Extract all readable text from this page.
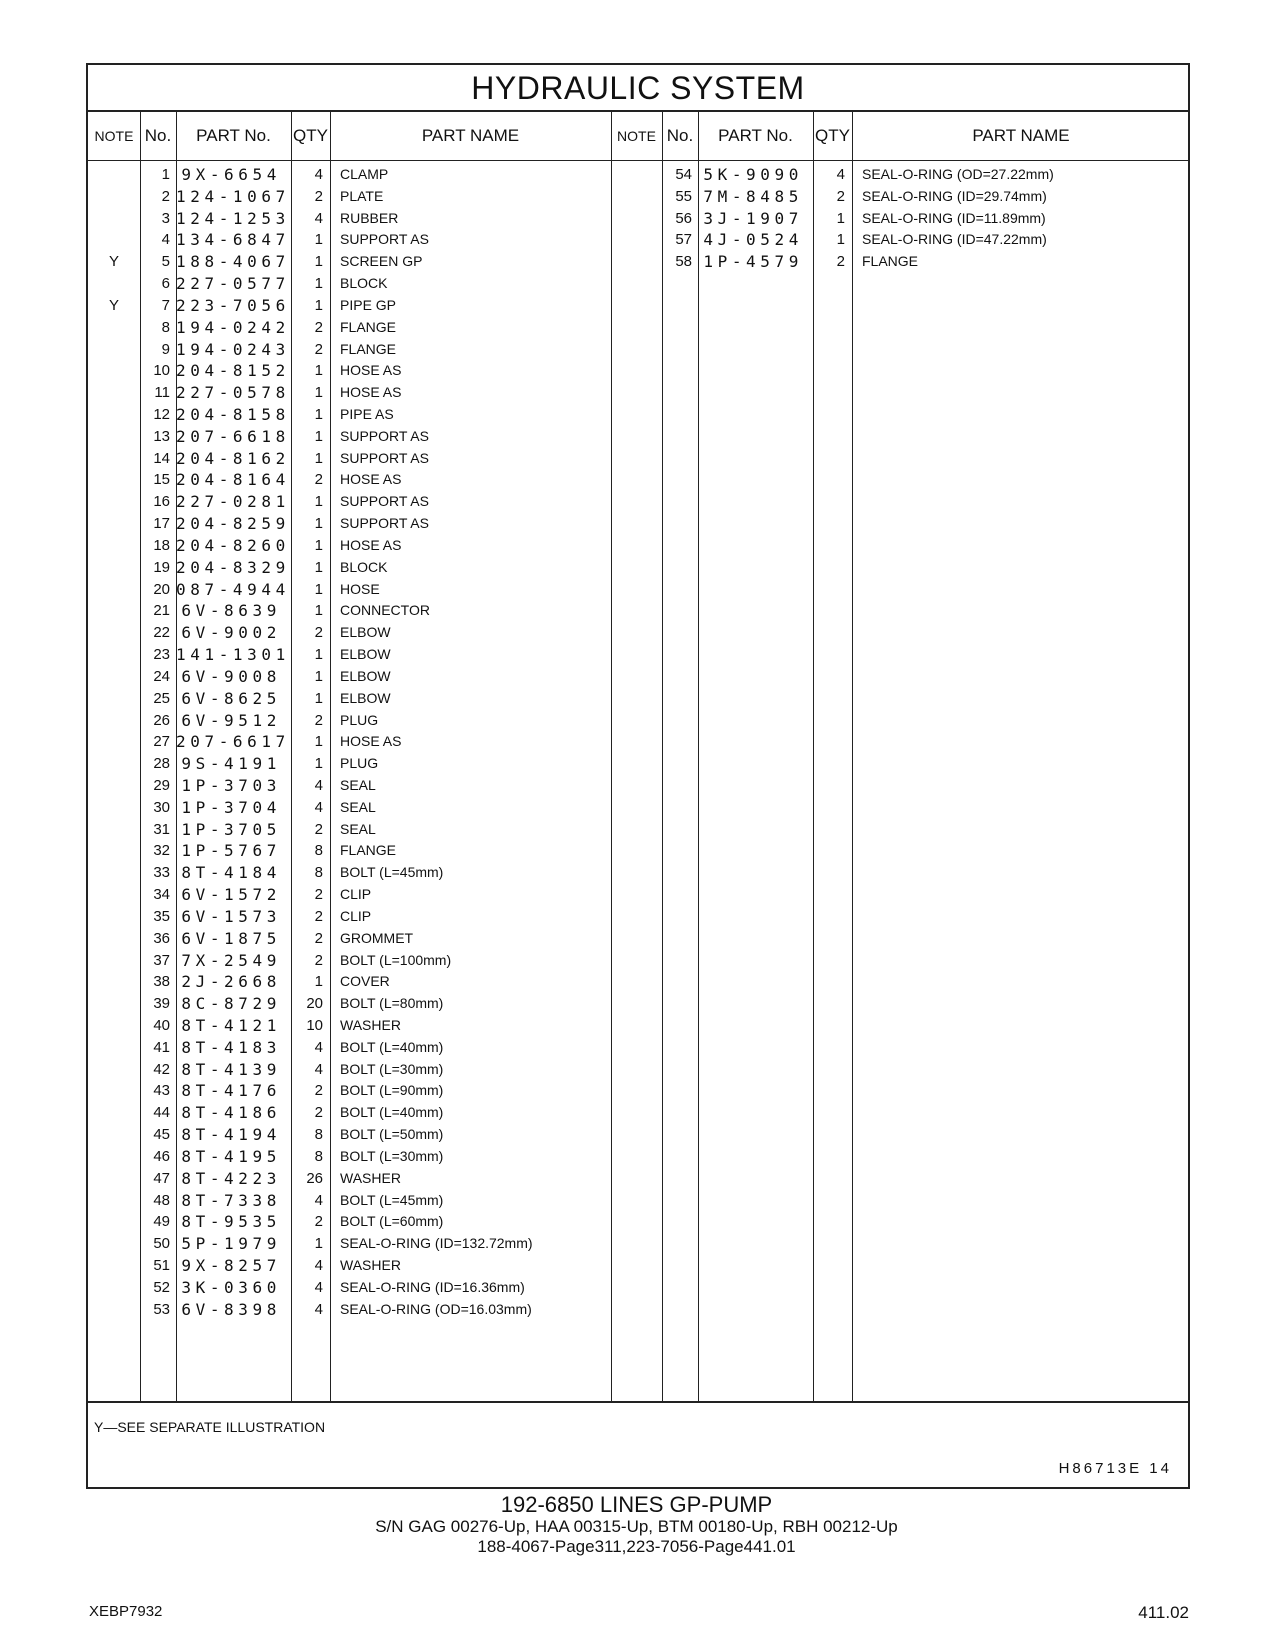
HYDRAULIC SYSTEM
NOTE No.	PART No.	QTY	PART NAME	NOTE No.	PART No.	QTY	PART NAME
1 9X-6654	4 CLAMP
2 124-1067	2 PLATE
3 124-1253	4 RUBBER
4 134-6847	1 SUPPORT AS
Y	5 188-4067	1 SCREEN GP
6 227-0577	1 BLOCK
Y	7 223-7056	1 PIPE GP
8 194-0242	2 FLANGE
9 194-0243	2 FLANGE
10 204-8152	1 HOSE AS
11 227-0578	1 HOSE AS
12 204-8158	1 PIPE AS
13 207-6618	1 SUPPORT AS
14 204-8162	1 SUPPORT AS
15 204-8164	2 HOSE AS
16 227-0281	1 SUPPORT AS
17 204-8259	1 SUPPORT AS
18 204-8260	1 HOSE AS
19 204-8329	1 BLOCK
20 087-4944	1 HOSE
21 6V-8639	1 CONNECTOR
22 6V-9002	2 ELBOW
23 141-1301	1 ELBOW
24 6V-9008	1 ELBOW
25 6V-8625	1 ELBOW
26 6V-9512	2 PLUG
27 207-6617	1 HOSE AS
28 9S-4191	1 PLUG
29 1P-3703	4 SEAL
30 1P-3704	4 SEAL
31 1P-3705	2 SEAL
32 1P-5767	8 FLANGE
33 8T-4184	8 BOLT (L=45mm)
34 6V-1572	2 CLIP
35 6V-1573	2 CLIP
36 6V-1875	2 GROMMET
37 7X-2549	2 BOLT (L=100mm)
38 2J-2668	1 COVER
39 8C-8729	20 BOLT (L=80mm)
40 8T-4121	10 WASHER
41 8T-4183	4 BOLT (L=40mm)
42 8T-4139	4 BOLT (L=30mm)
43 8T-4176	2 BOLT (L=90mm)
44 8T-4186	2 BOLT (L=40mm)
45 8T-4194	8 BOLT (L=50mm)
46 8T-4195	8 BOLT (L=30mm)
47 8T-4223	26 WASHER
48 8T-7338	4 BOLT (L=45mm)
49 8T-9535	2 BOLT (L=60mm)
50 5P-1979	1 SEAL-O-RING (ID=132.72mm)
51 9X-8257	4 WASHER
52 3K-0360	4 SEAL-O-RING (ID=16.36mm)
53 6V-8398	4 SEAL-O-RING (OD=16.03mm)
54 5K-9090	4 SEAL-O-RING (OD=27.22mm)
55 7M-8485	2 SEAL-O-RING (ID=29.74mm)
56 3J-1907	1 SEAL-O-RING (ID=11.89mm)
57 4J-0524	1 SEAL-O-RING (ID=47.22mm)
58 1P-4579	2 FLANGE
Y—SEE SEPARATE ILLUSTRATION
H86713E 14
192-6850 LINES GP-PUMP
S/N GAG 00276-Up, HAA 00315-Up, BTM 00180-Up, RBH 00212-Up
188-4067-Page311,223-7056-Page441.01
XEBP7932	411.02
